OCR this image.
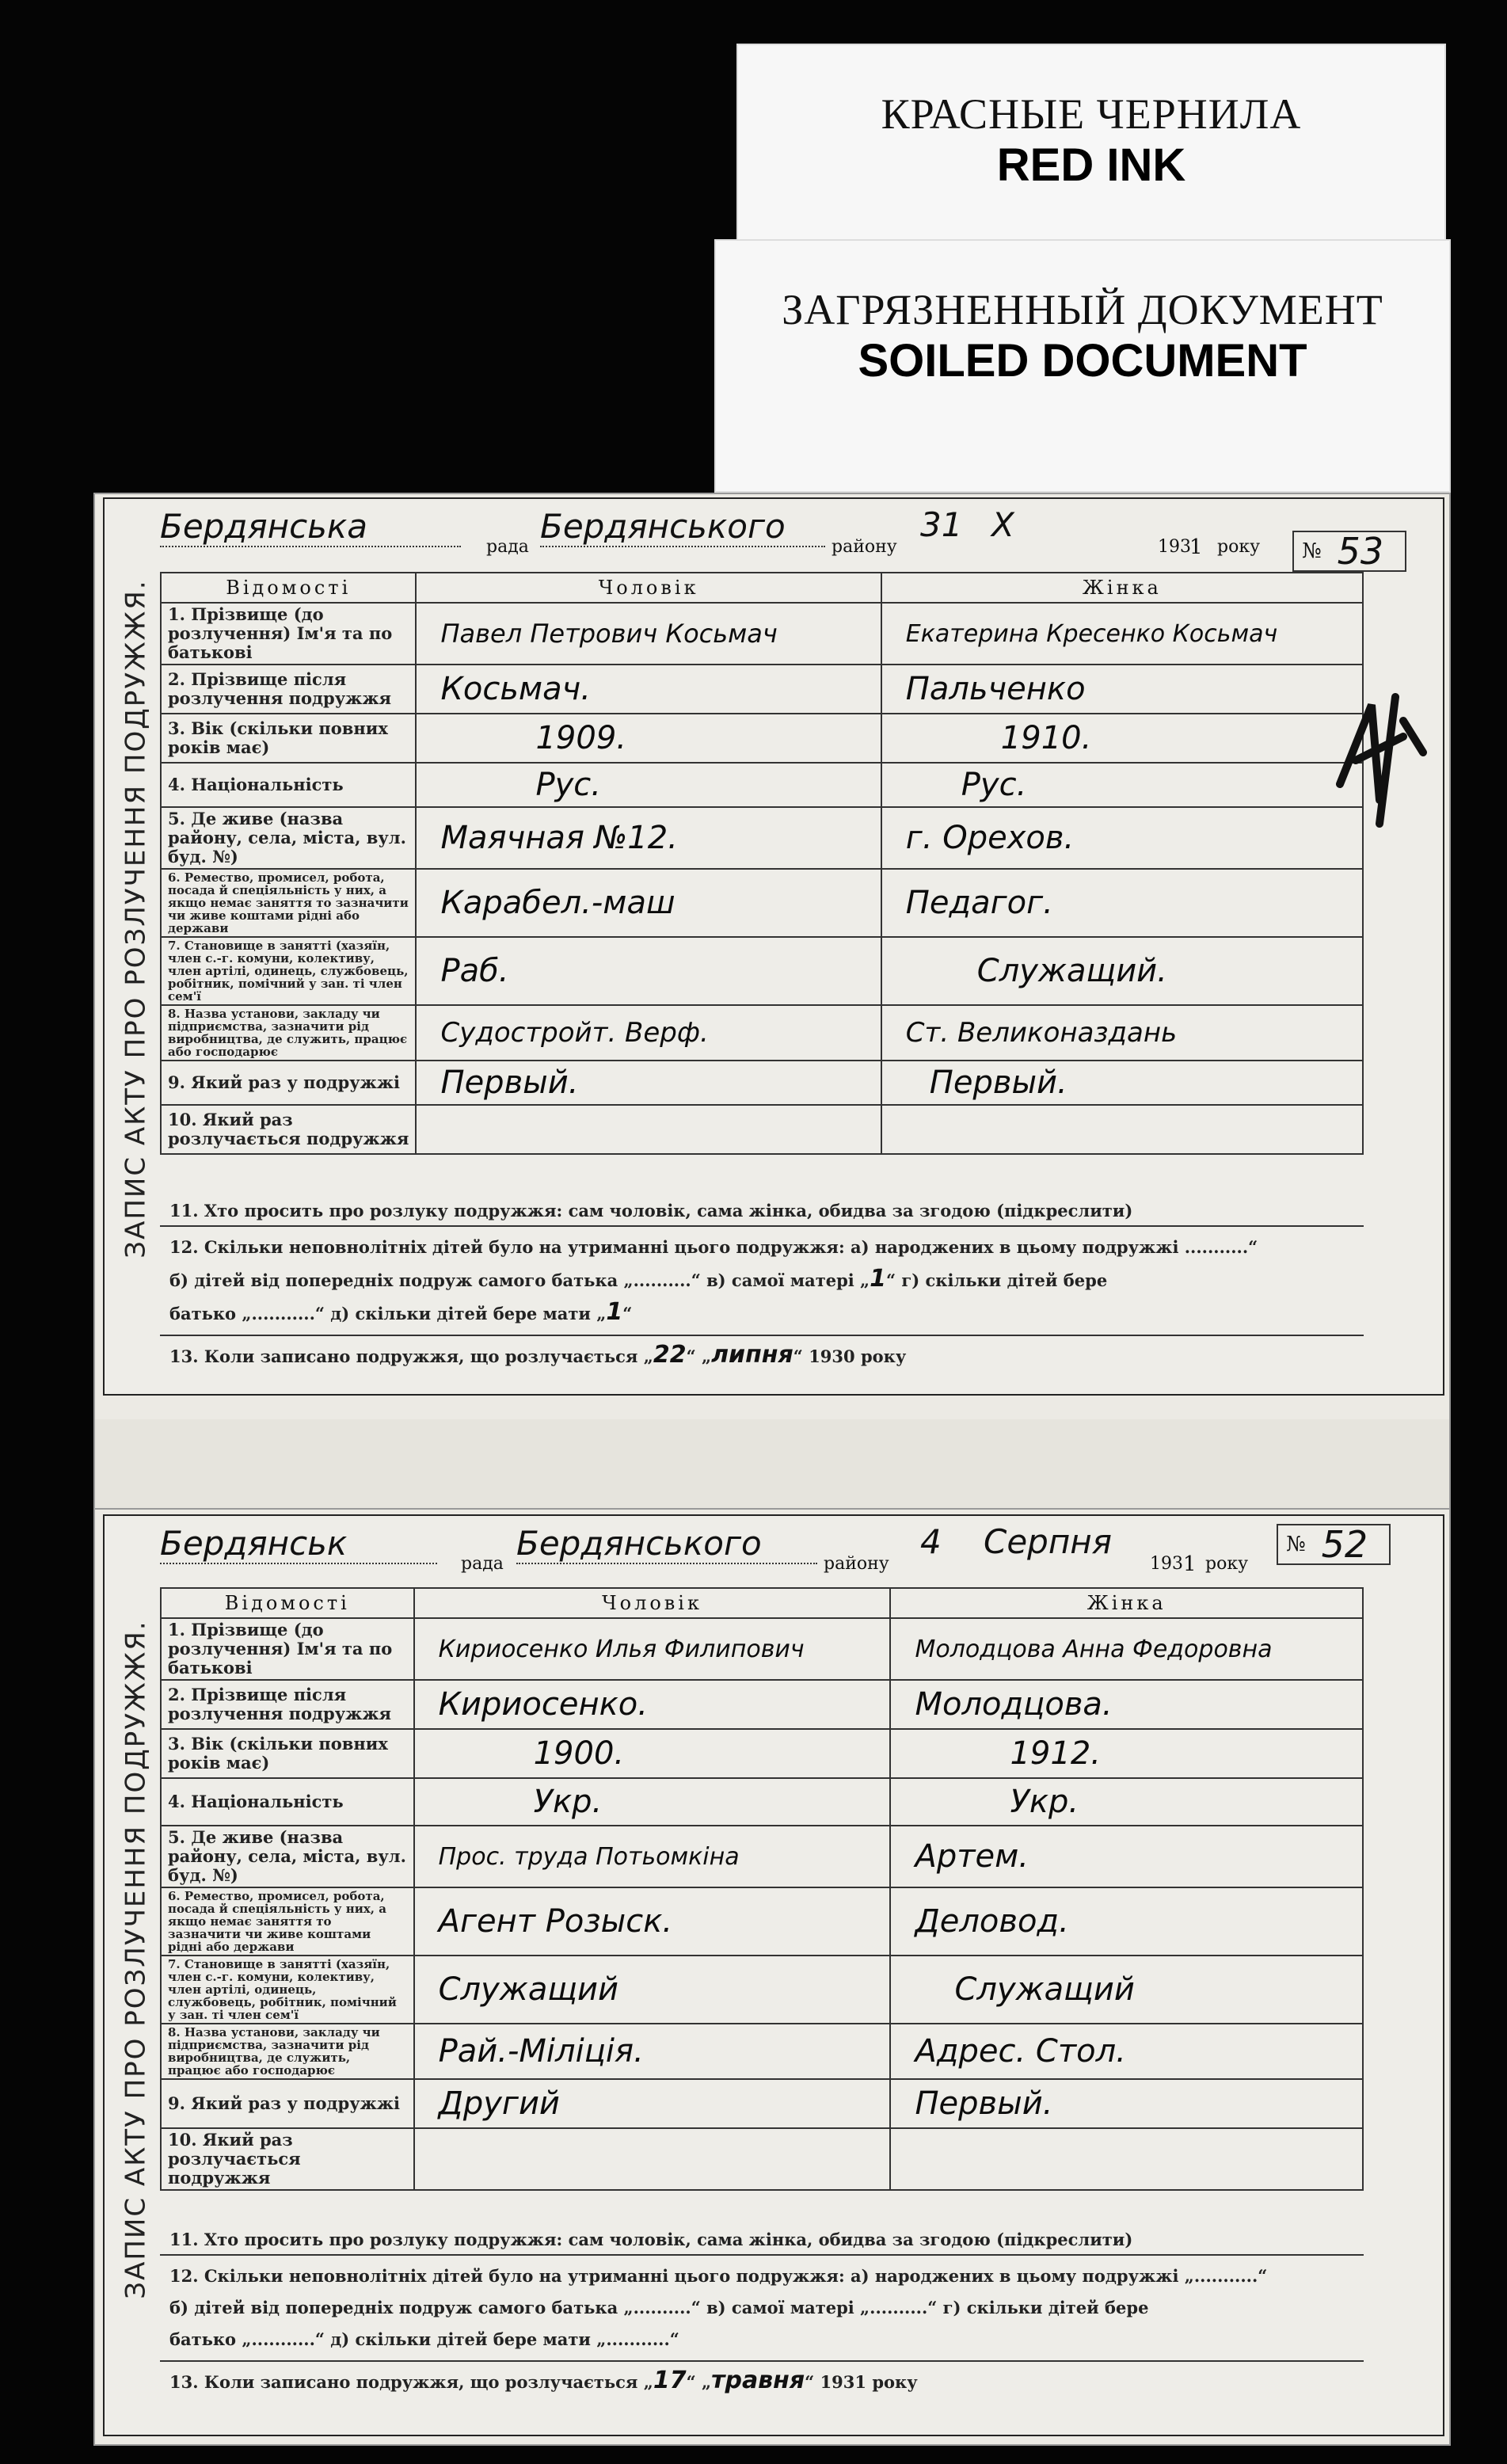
КРАСНЫЕ ЧЕРНИЛА
RED INK
ЗАГРЯЗНЕННЫЙ ДОКУМЕНТ
SOILED DOCUMENT
Бердянська
рада
Бердянського
району
31 Х
193
1 року № 53
ЗАПИС АКТУ ПРО РОЗЛУЧЕННЯ ПОДРУЖЖЯ.	Відомості	Чоловік	Жінка
1. Прізвище (до розлучення) Ім'я та по батькові	Павел Петрович Косьмач	Екатерина Кресенко Косьмач
2. Прізвище після розлучення подружжя	Косьмач.	Пальченко
3. Вік (скільки повних років має)	1909.	1910.
4. Національність	Рус.	Рус.
5. Де живе (назва району, села, міста, вул. буд. №)	Маячная №12.	г. Орехов.
6. Ремество, промисел, робота, посада й спеціяльність у них, а якщо немає заняття то зазначити чи живе коштами рідні або держави	Карабел.-маш	Педагог.
7. Становище в занятті (хазяїн, член с.-г. комуни, колективу, член артілі, одинець, службовець, робітник, помічний у зан. ті член сем'ї	Раб.	Служащий.
8. Назва установи, закладу чи підприємства, зазначити рід виробництва, де служить, працює або господарює	Судостройт. Верф.	Ст. Великоназдань
9. Який раз у подружжі	Первый.	Первый.
10. Який раз розлучається подружжя		
11. Хто просить про розлуку подружжя: сам чоловік, сама жінка, обидва за згодою (підкреслити)
12. Скільки неповнолітніх дітей було на утриманні цього подружжя: а) народжених в цьому подружжі ...........“
б) дітей від попередніх подруж самого батька „..........“ в) самої матері „1“ г) скільки дітей бере
батько „...........“ д) скільки дітей бере мати „1“
13. Коли записано подружжя, що розлучається „22“ „липня“ 1930 року
Бердянськ
рада
Бердянського
району
4 Серпня
193 1 року
№ 52
ЗАПИС АКТУ ПРО РОЗЛУЧЕННЯ ПОДРУЖЖЯ.
Відомості	Чоловік	Жінка
1. Прізвище (до розлучення) Ім'я та по батькові	Кириосенко Илья Филипович	Молодцова Анна Федоровна
2. Прізвище після розлучення подружжя	Кириосенко.	Молодцова.
3. Вік (скільки повних років має)	1900.	1912.
4. Національність	Укр.	Укр.
5. Де живе (назва району, села, міста, вул. буд. №)	Прос. труда Потьомкіна	Артем.
6. Ремество, промисел, робота, посада й спеціяльність у них, а якщо немає заняття то зазначити чи живе коштами рідні або держави	Агент Розыск.	Деловод.
7. Становище в занятті (хазяїн, член с.-г. комуни, колективу, член артілі, одинець, службовець, робітник, помічний у зан. ті член сем'ї	Служащий	Служащий
8. Назва установи, закладу чи підприємства, зазначити рід виробництва, де служить, працює або господарює	Рай.-Міліція.	Адрес. Стол.
9. Який раз у подружжі	Другий	Первый.
10. Який раз розлучається подружжя		
11. Хто просить про розлуку подружжя: сам чоловік, сама жінка, обидва за згодою (підкреслити)
12. Скільки неповнолітніх дітей було на утриманні цього подружжя: а) народжених в цьому подружжі „...........“
б) дітей від попередніх подруж самого батька „..........“ в) самої матері „..........“ г) скільки дітей бере
батько „...........“ д) скільки дітей бере мати „...........“
13. Коли записано подружжя, що розлучається „17“ „травня“ 1931 року
